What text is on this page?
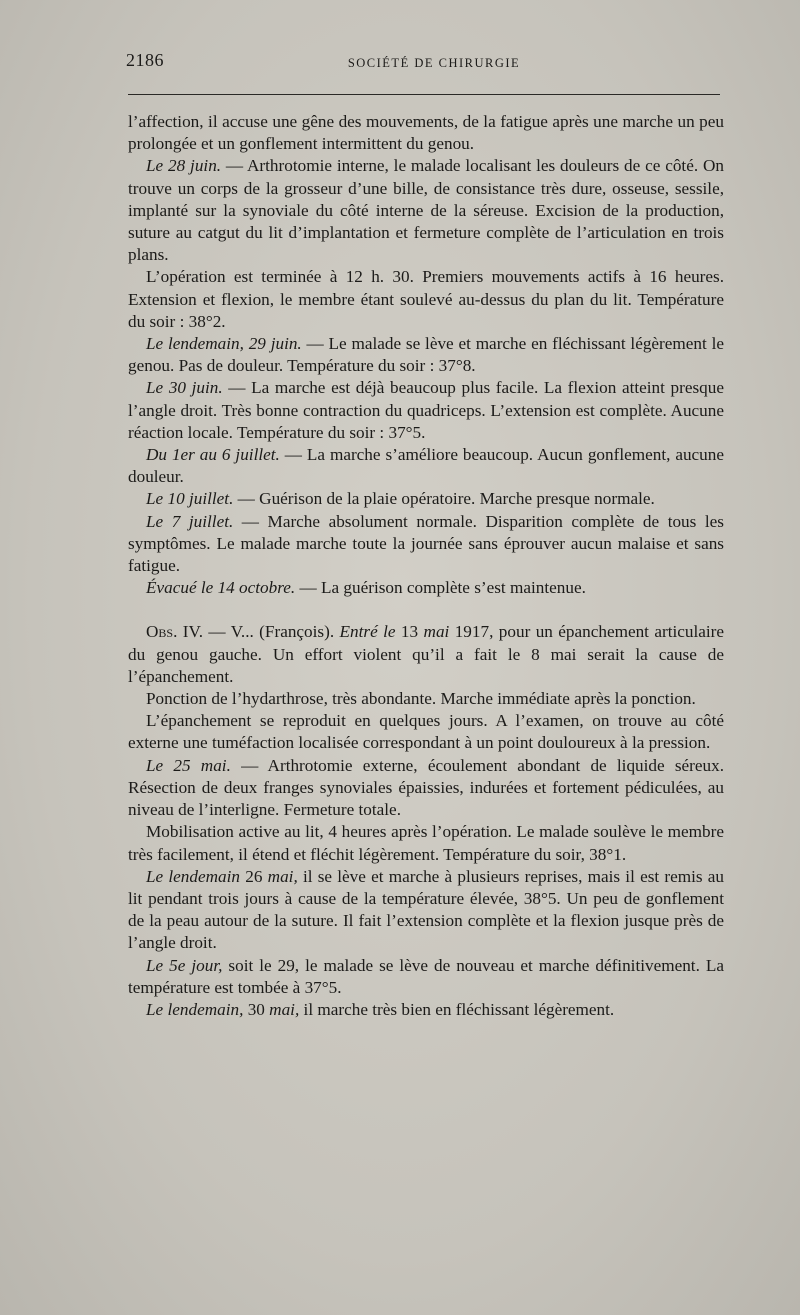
2186	SOCIÉTÉ DE CHIRURGIE

l’affection, il accuse une gêne des mouvements, de la fatigue après une marche un peu prolongée et un gonflement intermittent du genou.

Le 28 juin. — Arthrotomie interne, le malade localisant les douleurs de ce côté. On trouve un corps de la grosseur d’une bille, de consistance très dure, osseuse, sessile, implanté sur la synoviale du côté interne de la séreuse. Excision de la production, suture au catgut du lit d’implantation et fermeture complète de l’articulation en trois plans.

L’opération est terminée à 12 h. 30. Premiers mouvements actifs à 16 heures. Extension et flexion, le membre étant soulevé au-dessus du plan du lit. Température du soir : 38°2.

Le lendemain, 29 juin. — Le malade se lève et marche en fléchissant légèrement le genou. Pas de douleur. Température du soir : 37°8.

Le 30 juin. — La marche est déjà beaucoup plus facile. La flexion atteint presque l’angle droit. Très bonne contraction du quadriceps. L’extension est complète. Aucune réaction locale. Température du soir : 37°5.

Du 1er au 6 juillet. — La marche s’améliore beaucoup. Aucun gonflement, aucune douleur.

Le 10 juillet. — Guérison de la plaie opératoire. Marche presque normale.

Le 7 juillet. — Marche absolument normale. Disparition complète de tous les symptômes. Le malade marche toute la journée sans éprouver aucun malaise et sans fatigue.

Évacué le 14 octobre. — La guérison complète s’est maintenue.

Obs. IV. — V... (François). Entré le 13 mai 1917, pour un épanchement articulaire du genou gauche. Un effort violent qu’il a fait le 8 mai serait la cause de l’épanchement.

Ponction de l’hydarthrose, très abondante. Marche immédiate après la ponction.

L’épanchement se reproduit en quelques jours. A l’examen, on trouve au côté externe une tuméfaction localisée correspondant à un point douloureux à la pression.

Le 25 mai. — Arthrotomie externe, écoulement abondant de liquide séreux. Résection de deux franges synoviales épaissies, indurées et fortement pédiculées, au niveau de l’interligne. Fermeture totale.

Mobilisation active au lit, 4 heures après l’opération. Le malade soulève le membre très facilement, il étend et fléchit légèrement. Température du soir, 38°1.

Le lendemain 26 mai, il se lève et marche à plusieurs reprises, mais il est remis au lit pendant trois jours à cause de la température élevée, 38°5. Un peu de gonflement de la peau autour de la suture. Il fait l’extension complète et la flexion jusque près de l’angle droit.

Le 5e jour, soit le 29, le malade se lève de nouveau et marche définitivement. La température est tombée à 37°5.

Le lendemain, 30 mai, il marche très bien en fléchissant légèrement.
